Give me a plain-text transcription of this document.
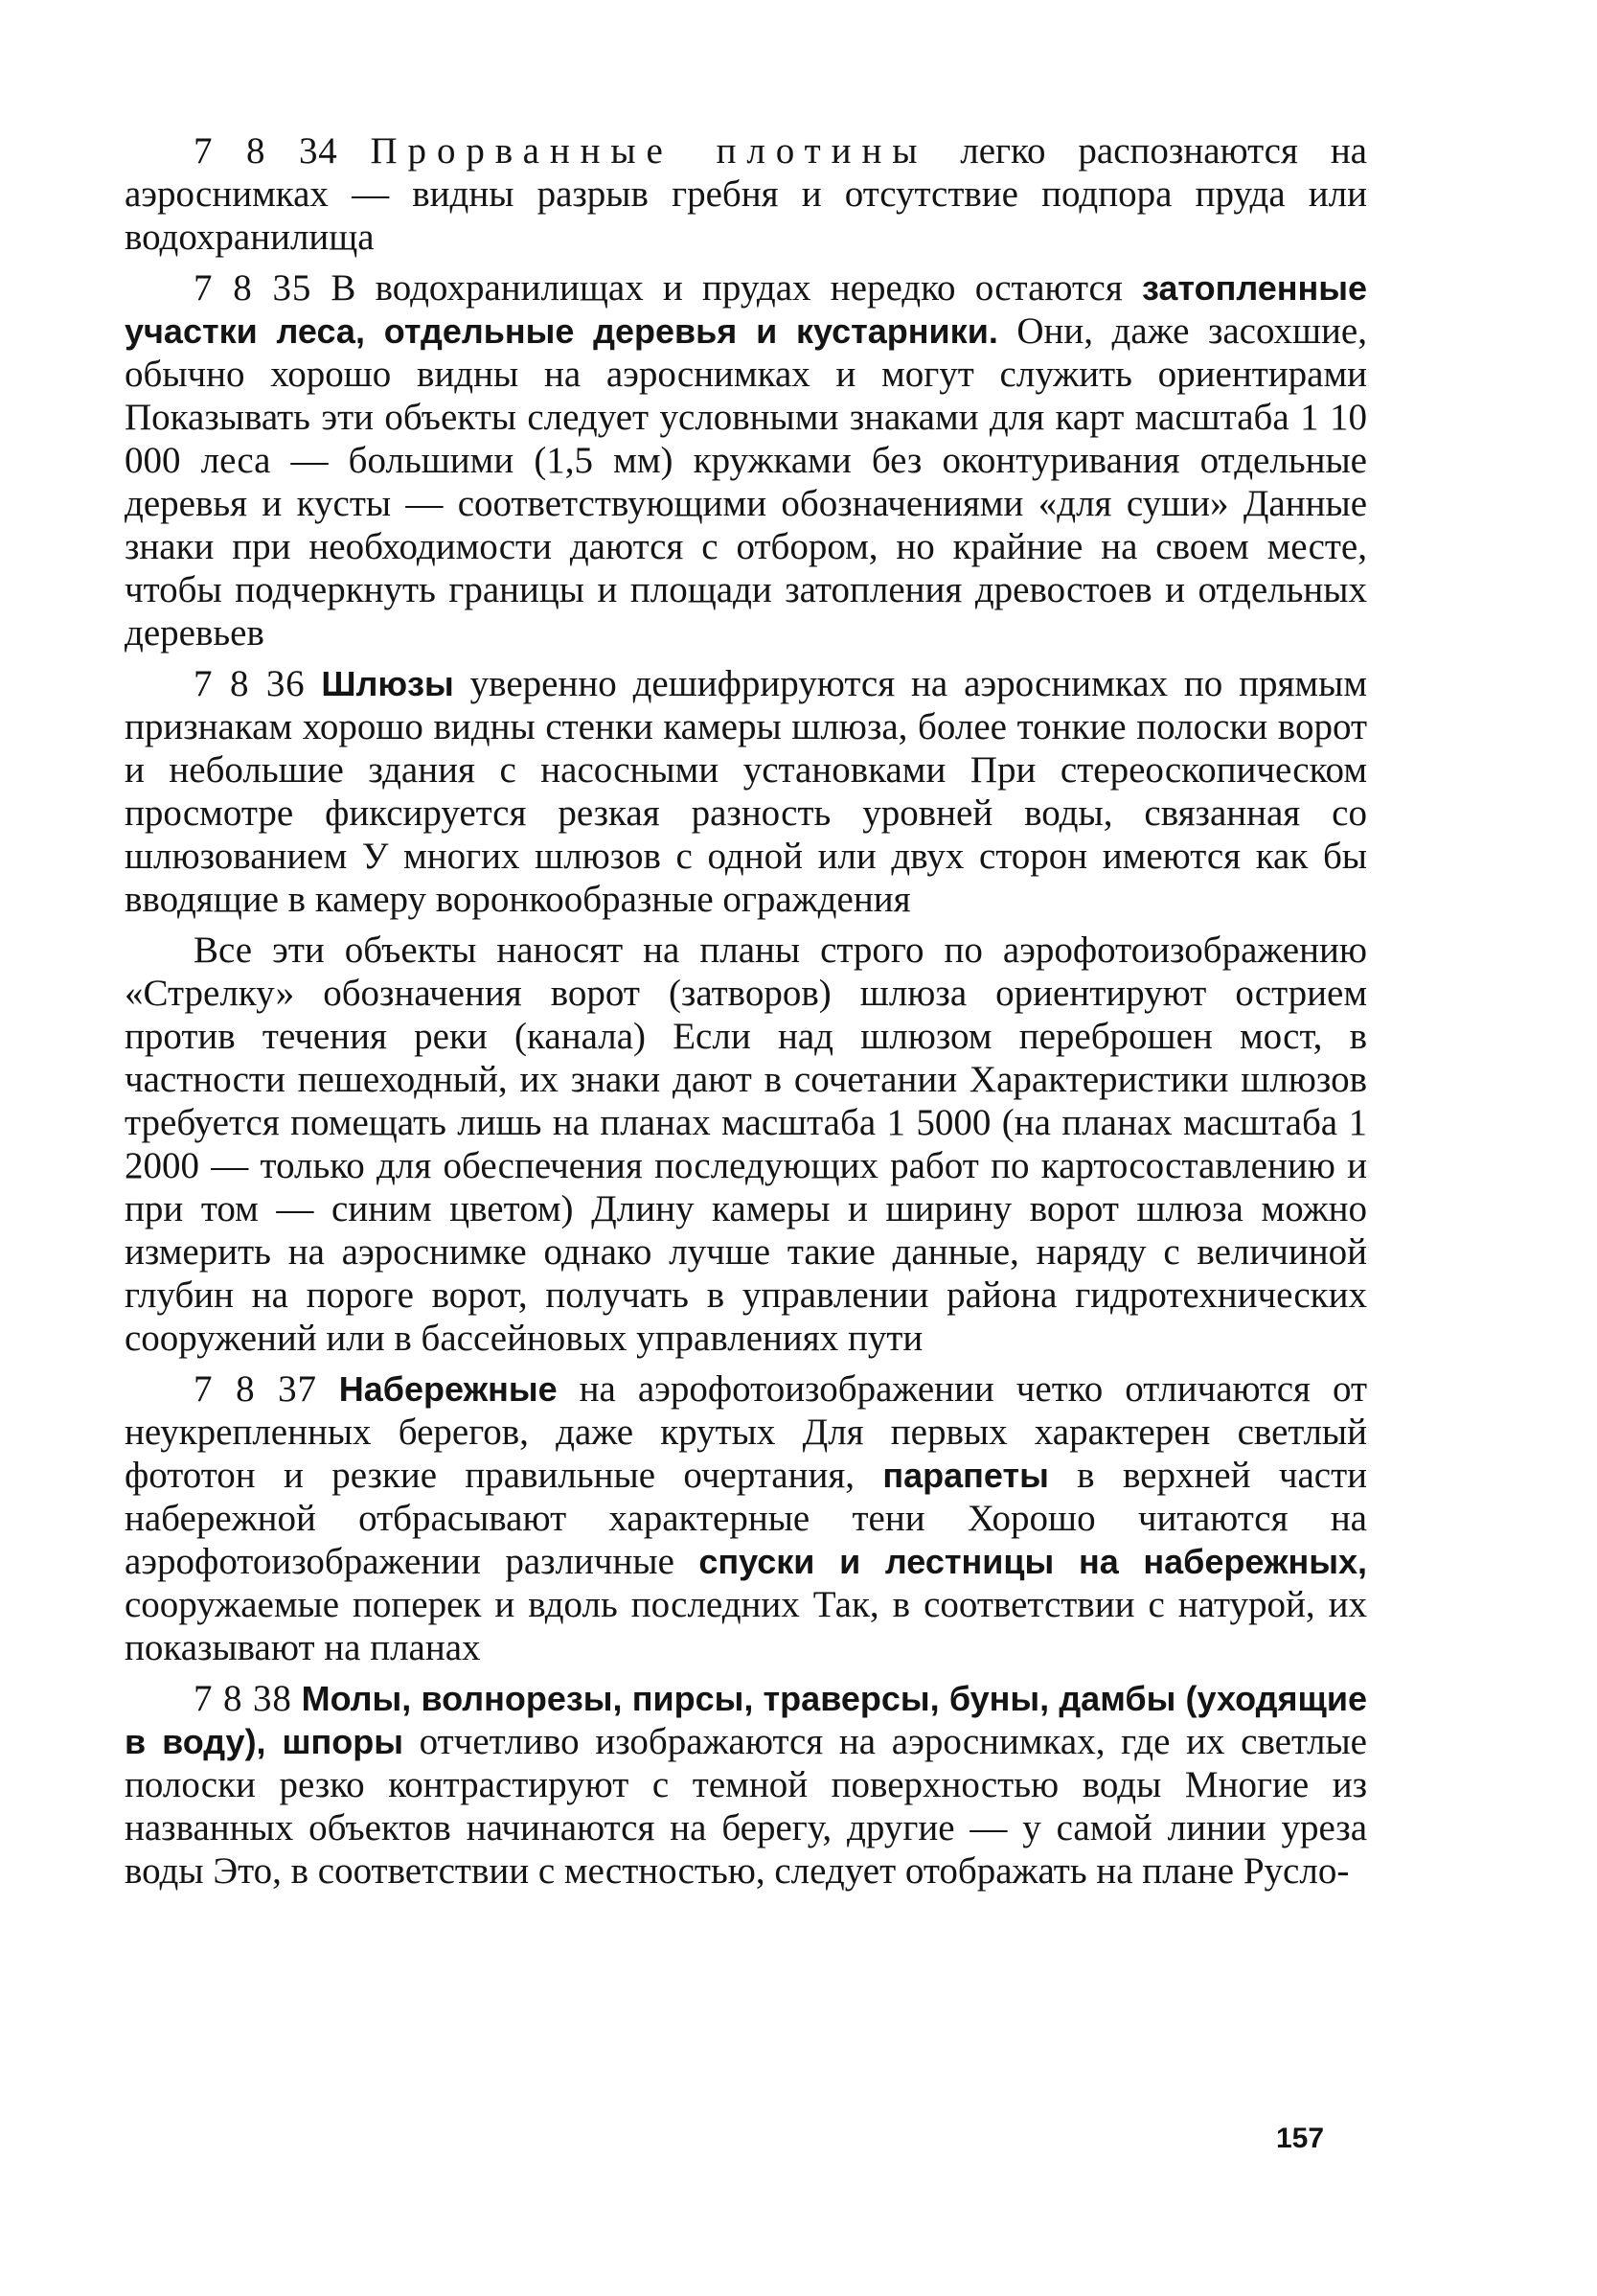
7 8 34 Прорванные плотины легко распознаются на аэроснимках — видны разрыв гребня и отсутствие подпора пруда или водохранилища

7 8 35 В водохранилищах и прудах нередко остаются затопленные участки леса, отдельные деревья и кустарники. Они, даже засохшие, обычно хорошо видны на аэроснимках и могут служить ориентирами Показывать эти объекты следует условными знаками для карт масштаба 1 10 000 леса — большими (1,5 мм) кружками без оконтуривания отдельные деревья и кусты — соответствующими обозначениями «для суши» Данные знаки при необходимости даются с отбором, но крайние на своем месте, чтобы подчеркнуть границы и площади затопления древостоев и отдельных деревьев

7 8 36 Шлюзы уверенно дешифрируются на аэроснимках по прямым признакам хорошо видны стенки камеры шлюза, более тонкие полоски ворот и небольшие здания с насосными установками При стереоскопическом просмотре фиксируется резкая разность уровней воды, связанная со шлюзованием У многих шлюзов с одной или двух сторон имеются как бы вводящие в камеру воронкообразные ограждения

Все эти объекты наносят на планы строго по аэрофотоизображению «Стрелку» обозначения ворот (затворов) шлюза ориентируют острием против течения реки (канала) Если над шлюзом переброшен мост, в частности пешеходный, их знаки дают в сочетании Характеристики шлюзов требуется помещать лишь на планах масштаба 1 5000 (на планах масштаба 1 2000 — только для обеспечения последующих работ по картосоставлению и при том — синим цветом) Длину камеры и ширину ворот шлюза можно измерить на аэроснимке однако лучше такие данные, наряду с величиной глубин на пороге ворот, получать в управлении района гидротехнических сооружений или в бассейновых управлениях пути

7 8 37 Набережные на аэрофотоизображении четко отличаются от неукрепленных берегов, даже крутых Для первых характерен светлый фототон и резкие правильные очертания, парапеты в верхней части набережной отбрасывают характерные тени Хорошо читаются на аэрофотоизображении различные спуски и лестницы на набережных, сооружаемые поперек и вдоль последних Так, в соответствии с натурой, их показывают на планах

7 8 38 Молы, волнорезы, пирсы, траверсы, буны, дамбы (уходящие в воду), шпоры отчетливо изображаются на аэроснимках, где их светлые полоски резко контрастируют с темной поверхностью воды Многие из названных объектов начинаются на берегу, другие — у самой линии уреза воды Это, в соответствии с местностью, следует отображать на плане Русло-

157
